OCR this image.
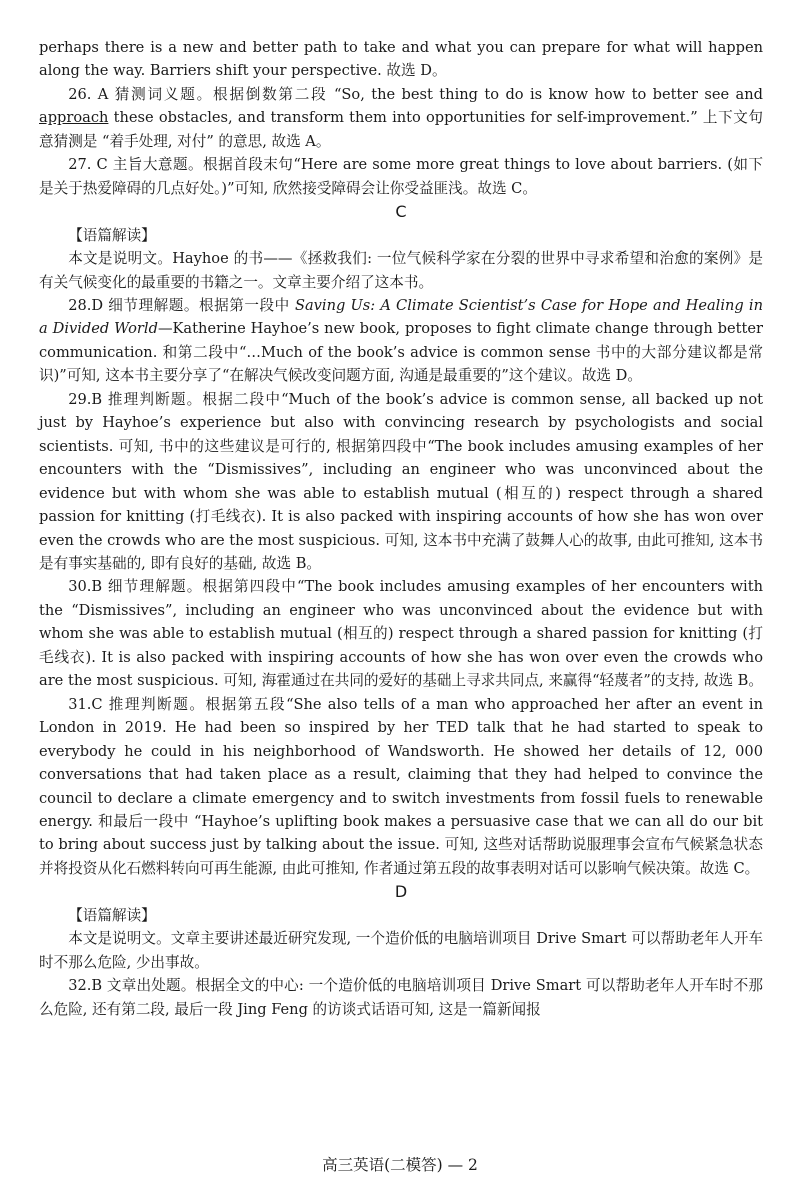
perhaps there is a new and better path to take and what you can prepare for what will happen along the way. Barriers shift your perspective. 故选 D。

26. A 猜测词义题。根据倒数第二段 “So, the best thing to do is know how to better see and approach these obstacles, and transform them into opportunities for self-improvement.” 上下文句意猜测是 “着手处理, 对付” 的意思, 故选 A。

27. C 主旨大意题。根据首段末句“Here are some more great things to love about barriers. (如下是关于热爱障碍的几点好处。)”可知, 欣然接受障碍会让你受益匪浅。故选 C。

C

【语篇解读】

本文是说明文。Hayhoe 的书——《拯救我们: 一位气候科学家在分裂的世界中寻求希望和治愈的案例》是有关气候变化的最重要的书籍之一。文章主要介绍了这本书。

28.D 细节理解题。根据第一段中 Saving Us: A Climate Scientist’s Case for Hope and Healing in a Divided World—Katherine Hayhoe’s new book, proposes to fight climate change through better communication. 和第二段中“…Much of the book’s advice is common sense 书中的大部分建议都是常识)”可知, 这本书主要分享了“在解决气候改变问题方面, 沟通是最重要的”这个建议。故选 D。

29.B 推理判断题。根据二段中“Much of the book’s advice is common sense, all backed up not just by Hayhoe’s experience but also with convincing research by psychologists and social scientists. 可知, 书中的这些建议是可行的, 根据第四段中“The book includes amusing examples of her encounters with the “Dismissives”, including an engineer who was unconvinced about the evidence but with whom she was able to establish mutual (相互的) respect through a shared passion for knitting (打毛线衣). It is also packed with inspiring accounts of how she has won over even the crowds who are the most suspicious. 可知, 这本书中充满了鼓舞人心的故事, 由此可推知, 这本书是有事实基础的, 即有良好的基础, 故选 B。

30.B 细节理解题。根据第四段中“The book includes amusing examples of her encounters with the “Dismissives”, including an engineer who was unconvinced about the evidence but with whom she was able to establish mutual (相互的) respect through a shared passion for knitting (打毛线衣). It is also packed with inspiring accounts of how she has won over even the crowds who are the most suspicious. 可知, 海霍通过在共同的爱好的基础上寻求共同点, 来赢得“轻蔑者”的支持, 故选 B。

31.C 推理判断题。根据第五段“She also tells of a man who approached her after an event in London in 2019. He had been so inspired by her TED talk that he had started to speak to everybody he could in his neighborhood of Wandsworth. He showed her details of 12, 000 conversations that had taken place as a result, claiming that they had helped to convince the council to declare a climate emergency and to switch investments from fossil fuels to renewable energy. 和最后一段中 “Hayhoe’s uplifting book makes a persuasive case that we can all do our bit to bring about success just by talking about the issue. 可知, 这些对话帮助说服理事会宣布气候紧急状态并将投资从化石燃料转向可再生能源, 由此可推知, 作者通过第五段的故事表明对话可以影响气候决策。故选 C。

D

【语篇解读】

本文是说明文。文章主要讲述最近研究发现, 一个造价低的电脑培训项目 Drive Smart 可以帮助老年人开车时不那么危险, 少出事故。

32.B 文章出处题。根据全文的中心: 一个造价低的电脑培训项目 Drive Smart 可以帮助老年人开车时不那么危险, 还有第二段, 最后一段 Jing Feng 的访谈式话语可知, 这是一篇新闻报

高三英语(二模答) — 2
